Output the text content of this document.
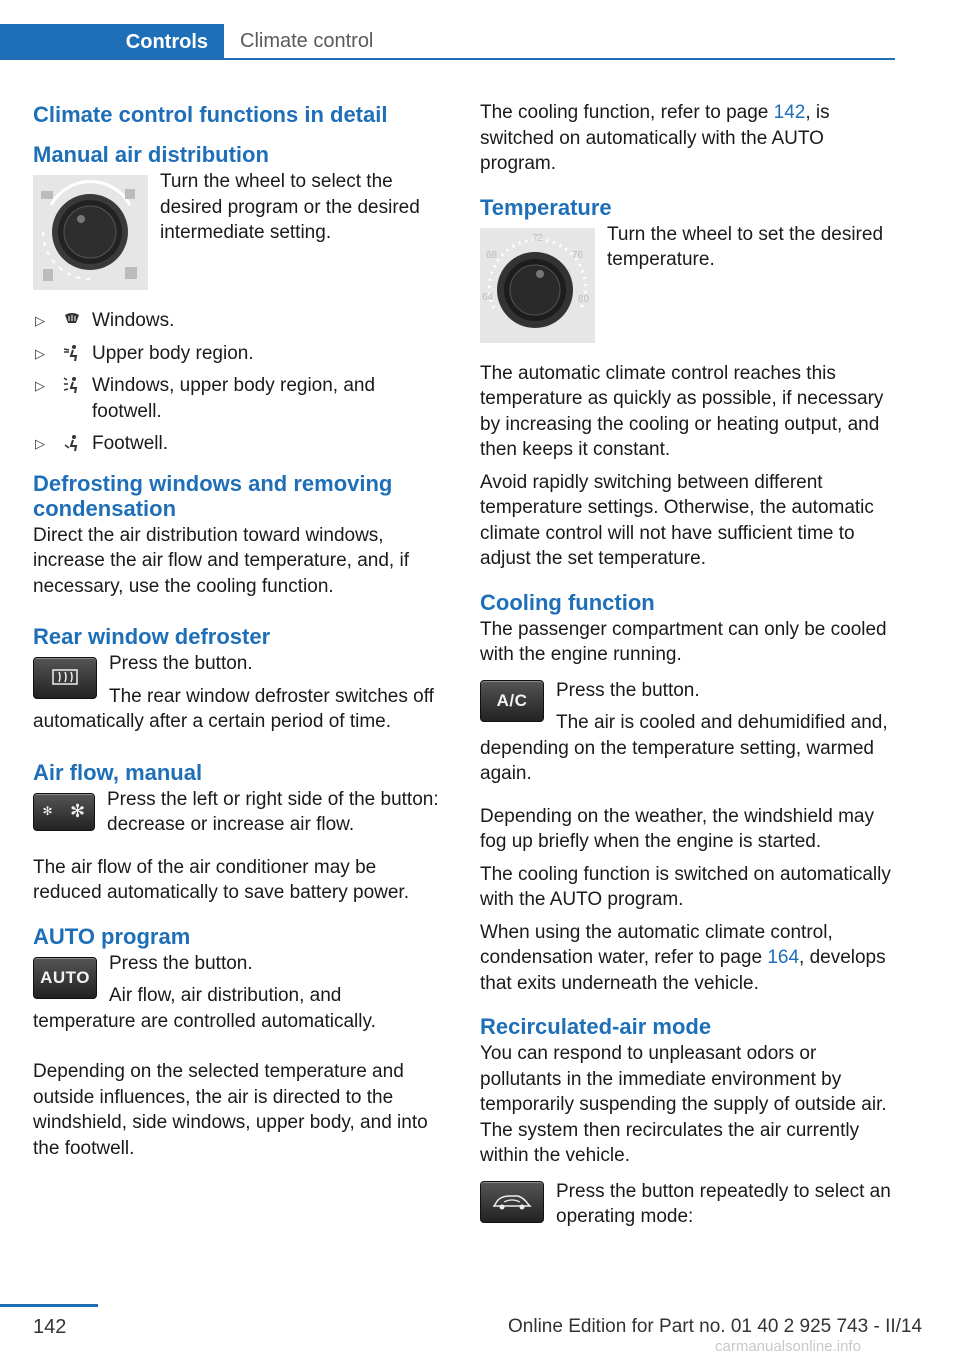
Controls	Climate control
Climate control functions in detail
Manual air distribution

Turn the wheel to select the desired program or the desired intermediate setting.

▷ Windows.
▷ Upper body region.
▷ Windows, upper body region, and footwell.
▷ Footwell.
Defrosting windows and removing condensation

Direct the air distribution toward windows, increase the air flow and temperature, and, if necessary, use the cooling function.

Rear window defroster

Press the button.

The rear window defroster switches off automatically after a certain period of time.

Air flow, manual
✻ ✻

Press the left or right side of the button: decrease or increase air flow.

The air flow of the air conditioner may be reduced automatically to save battery power.

AUTO program
AUTO

Press the button.

Air flow, air distribution, and temperature are controlled automatically.

Depending on the selected temperature and outside influences, the air is directed to the windshield, side windows, upper body, and into the footwell.

The cooling function, refer to page 142, is switched on automatically with the AUTO program.

Temperature
72
68	76
64	80

Turn the wheel to set the desired temperature.

The automatic climate control reaches this temperature as quickly as possible, if necessary by increasing the cooling or heating output, and then keeps it constant.

Avoid rapidly switching between different temperature settings. Otherwise, the automatic climate control will not have sufficient time to adjust the set temperature.

Cooling function

The passenger compartment can only be cooled with the engine running.

A/C	Press the button.

The air is cooled and dehumidified and, depending on the temperature setting, warmed again.

Depending on the weather, the windshield may fog up briefly when the engine is started.

The cooling function is switched on automatically with the AUTO program.

When using the automatic climate control, condensation water, refer to page 164, develops that exits underneath the vehicle.

Recirculated-air mode

You can respond to unpleasant odors or pollutants in the immediate environment by temporarily suspending the supply of outside air. The system then recirculates the air currently within the vehicle.

Press the button repeatedly to select an operating mode:

142	Online Edition for Part no. 01 40 2 925 743 - II/14
carmanualsonline.info
